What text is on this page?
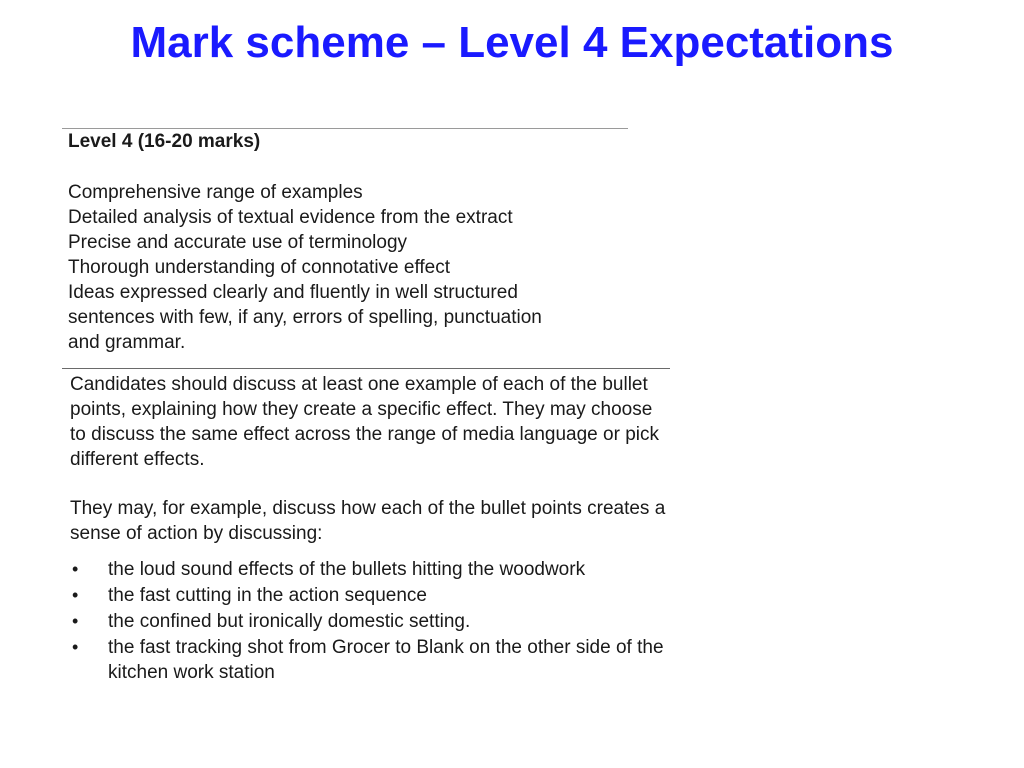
Mark scheme – Level 4 Expectations
Level 4 (16-20 marks)
Comprehensive range of examples
Detailed analysis of textual evidence from the extract
Precise and accurate use of terminology
Thorough understanding of connotative effect
Ideas expressed clearly and fluently in well structured
sentences with few, if any, errors of spelling, punctuation
and grammar.

Candidates should discuss at least one example of each of the bullet points, explaining how they create a specific effect. They may choose to discuss the same effect across the range of media language or pick different effects.

They may, for example, discuss how each of the bullet points creates a sense of action by discussing:

• the loud sound effects of the bullets hitting the woodwork
• the fast cutting in the action sequence
• the confined but ironically domestic setting.
• the fast tracking shot from Grocer to Blank on the other side of the kitchen work station
